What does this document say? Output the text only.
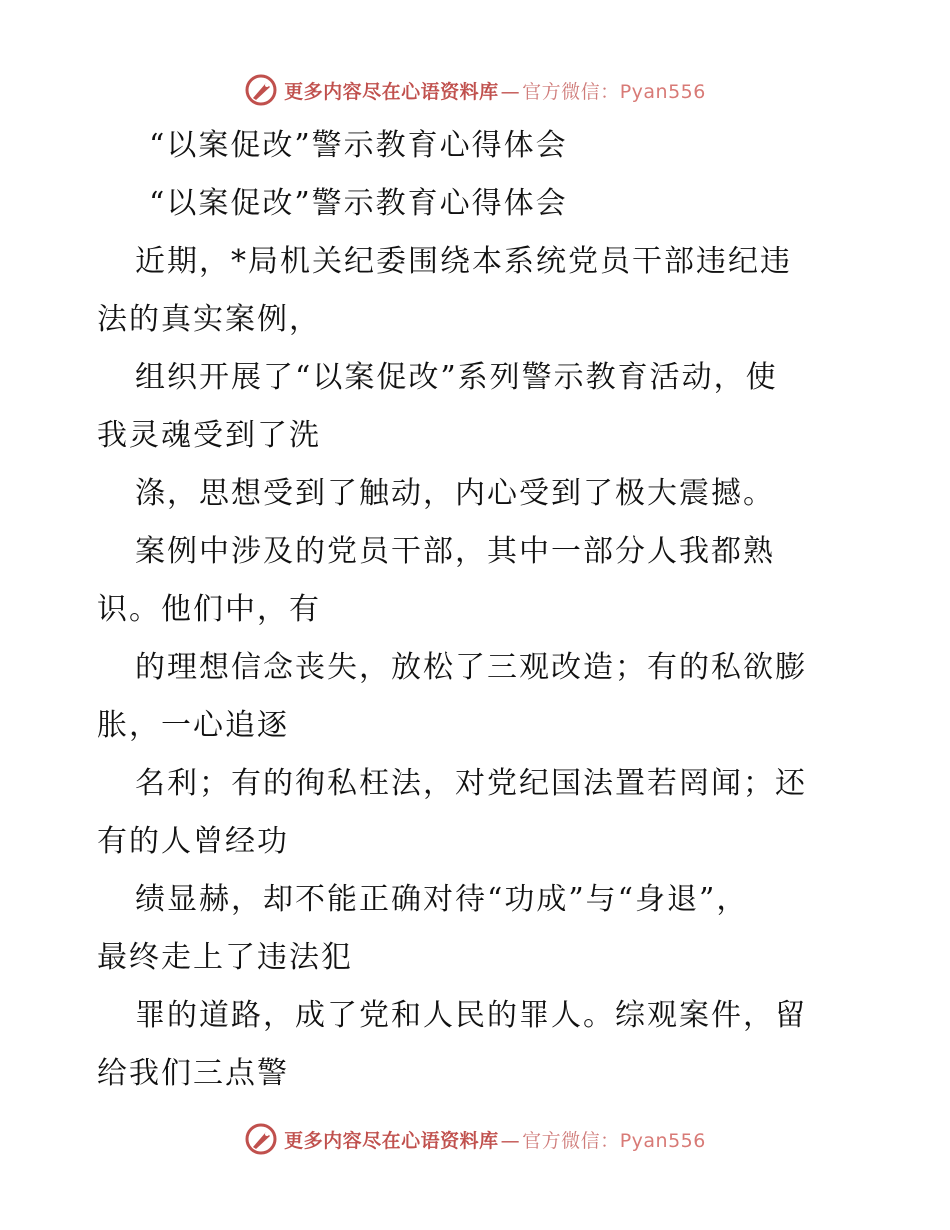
更多内容尽在心语资料库 — 官方微信：Pyan556
“以案促改”警示教育心得体会
“以案促改”警示教育心得体会
近期，*局机关纪委围绕本系统党员干部违纪违
法的真实案例，
组织开展了“以案促改”系列警示教育活动，使
我灵魂受到了洗
涤，思想受到了触动，内心受到了极大震撼。
案例中涉及的党员干部，其中一部分人我都熟
识。他们中，有
的理想信念丧失，放松了三观改造；有的私欲膨
胀，一心追逐
名利；有的徇私枉法，对党纪国法置若罔闻；还
有的人曾经功
绩显赫，却不能正确对待“功成”与“身退”，
最终走上了违法犯
罪的道路，成了党和人民的罪人。综观案件，留
给我们三点警
更多内容尽在心语资料库 — 官方微信：Pyan556
